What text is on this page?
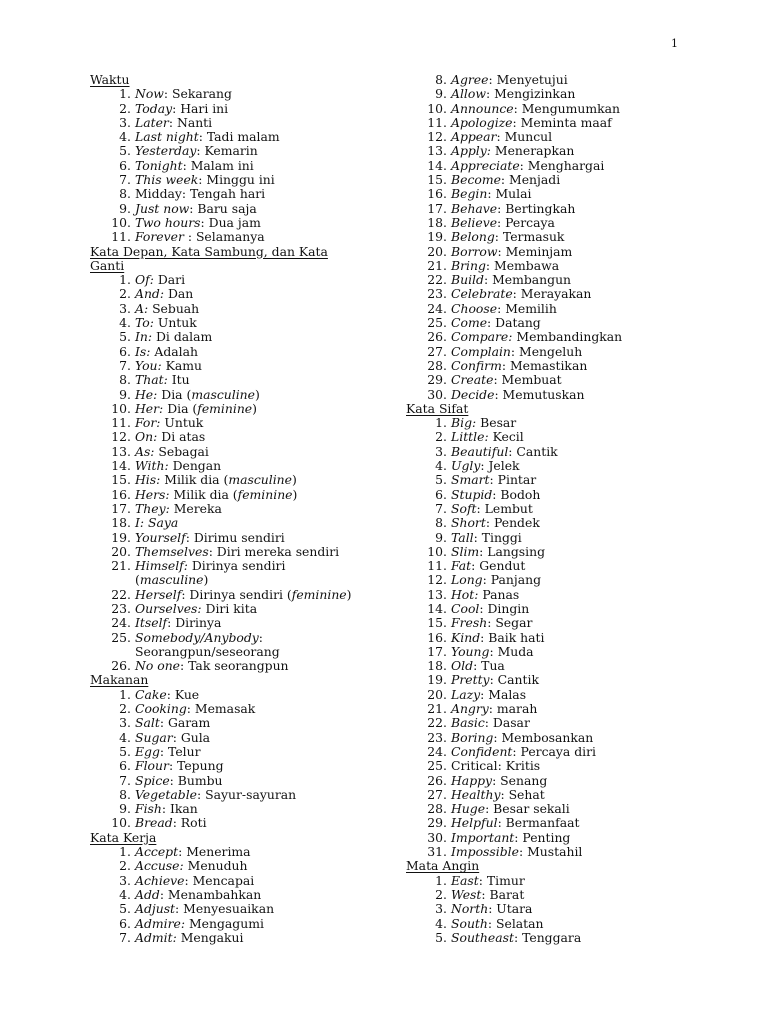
1
Waktu
1. Now: Sekarang
2. Today: Hari ini
3. Later: Nanti
4. Last night: Tadi malam
5. Yesterday: Kemarin
6. Tonight: Malam ini
7. This week: Minggu ini
8. Midday: Tengah hari
9. Just now: Baru saja
10. Two hours: Dua jam
11. Forever : Selamanya
Kata Depan, Kata Sambung, dan Kata
Ganti
1. Of: Dari
2. And: Dan
3. A: Sebuah
4. To: Untuk
5. In: Di dalam
6. Is: Adalah
7. You: Kamu
8. That: Itu
9. He: Dia (masculine)
10. Her: Dia (feminine)
11. For: Untuk
12. On: Di atas
13. As: Sebagai
14. With: Dengan
15. His: Milik dia (masculine)
16. Hers: Milik dia (feminine)
17. They: Mereka
18. I: Saya
19. Yourself: Dirimu sendiri
20. Themselves: Diri mereka sendiri
21. Himself: Dirinya sendiri
(masculine)
22. Herself: Dirinya sendiri (feminine)
23. Ourselves: Diri kita
24. Itself: Dirinya
25. Somebody/Anybody:
Seorangpun/seseorang
26. No one: Tak seorangpun
Makanan
1. Cake: Kue
2. Cooking: Memasak
3. Salt: Garam
4. Sugar: Gula
5. Egg: Telur
6. Flour: Tepung
7. Spice: Bumbu
8. Vegetable: Sayur-sayuran
9. Fish: Ikan
10. Bread: Roti
Kata Kerja
1. Accept: Menerima
2. Accuse: Menuduh
3. Achieve: Mencapai
4. Add: Menambahkan
5. Adjust: Menyesuaikan
6. Admire: Mengagumi
7. Admit: Mengakui
8. Agree: Menyetujui
9. Allow: Mengizinkan
10. Announce: Mengumumkan
11. Apologize: Meminta maaf
12. Appear: Muncul
13. Apply: Menerapkan
14. Appreciate: Menghargai
15. Become: Menjadi
16. Begin: Mulai
17. Behave: Bertingkah
18. Believe: Percaya
19. Belong: Termasuk
20. Borrow: Meminjam
21. Bring: Membawa
22. Build: Membangun
23. Celebrate: Merayakan
24. Choose: Memilih
25. Come: Datang
26. Compare: Membandingkan
27. Complain: Mengeluh
28. Confirm: Memastikan
29. Create: Membuat
30. Decide: Memutuskan
Kata Sifat
1. Big: Besar
2. Little: Kecil
3. Beautiful: Cantik
4. Ugly: Jelek
5. Smart: Pintar
6. Stupid: Bodoh
7. Soft: Lembut
8. Short: Pendek
9. Tall: Tinggi
10. Slim: Langsing
11. Fat: Gendut
12. Long: Panjang
13. Hot: Panas
14. Cool: Dingin
15. Fresh: Segar
16. Kind: Baik hati
17. Young: Muda
18. Old: Tua
19. Pretty: Cantik
20. Lazy: Malas
21. Angry: marah
22. Basic: Dasar
23. Boring: Membosankan
24. Confident: Percaya diri
25. Critical: Kritis
26. Happy: Senang
27. Healthy: Sehat
28. Huge: Besar sekali
29. Helpful: Bermanfaat
30. Important: Penting
31. Impossible: Mustahil
Mata Angin
1. East: Timur
2. West: Barat
3. North: Utara
4. South: Selatan
5. Southeast: Tenggara
